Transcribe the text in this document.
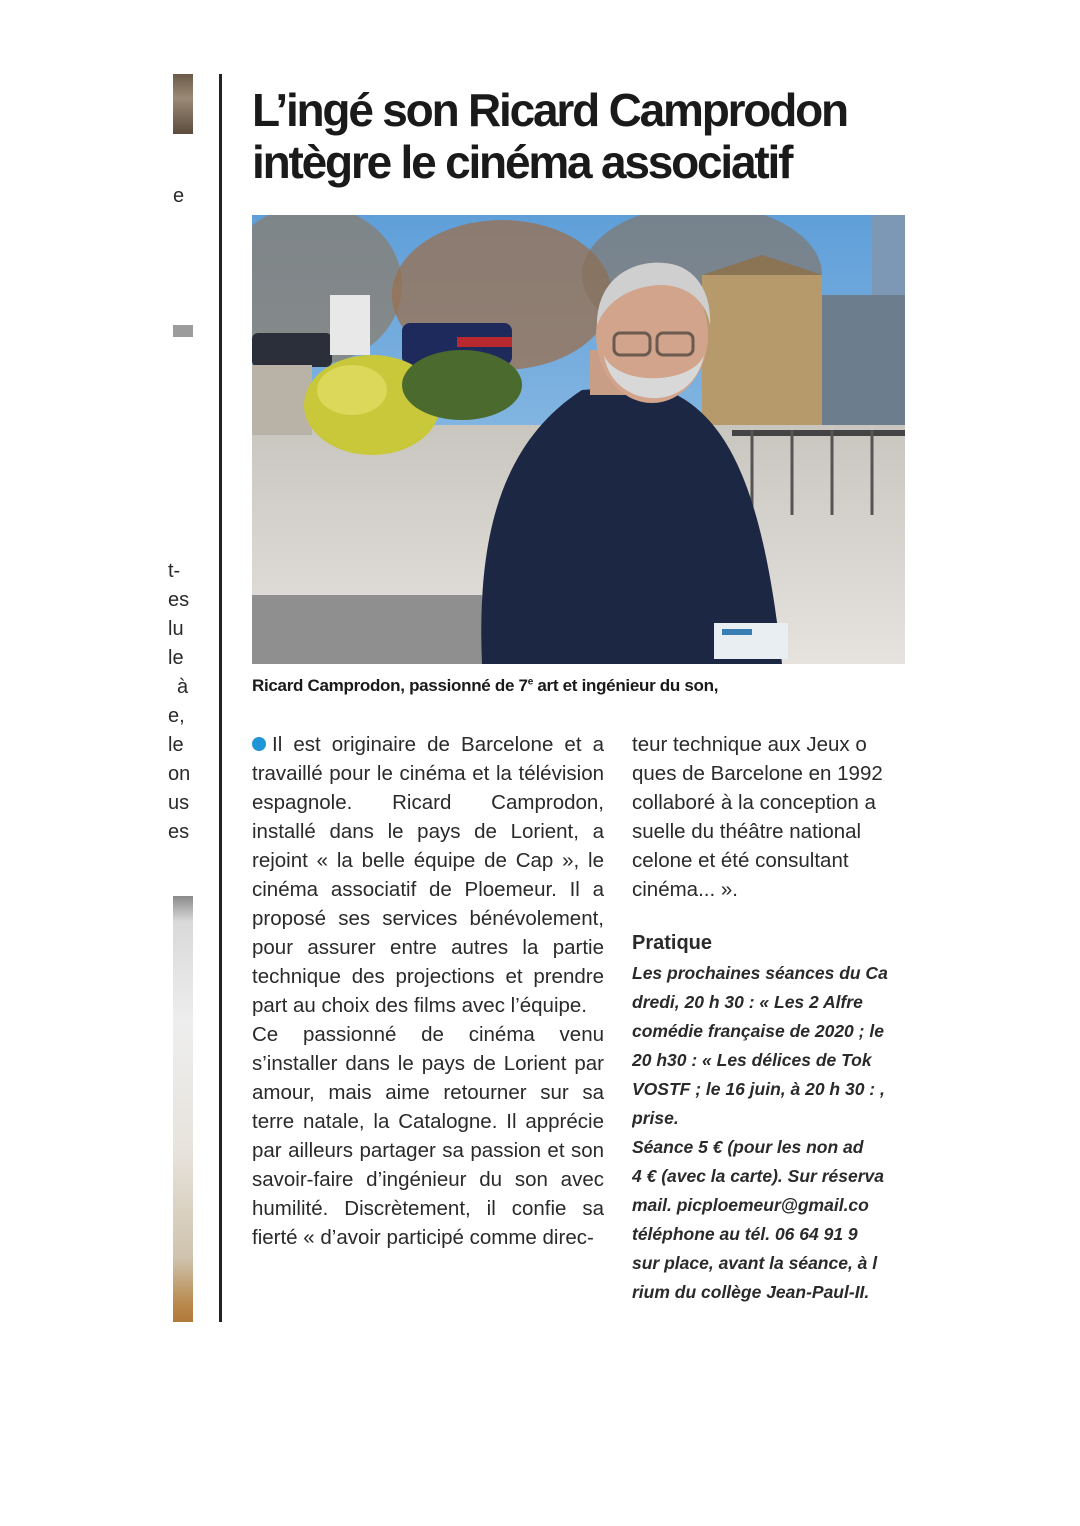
e
t-
es
lu
le
à
e,
le
on
us
es
L’ingé son Ricard Camprodon
intègre le cinéma associatif
Ricard Camprodon, passionné de 7e art et ingénieur du son,

Il est originaire de Barcelone et a travaillé pour le cinéma et la télévision espagnole. Ricard Camprodon, installé dans le pays de Lorient, a rejoint « la belle équipe de Cap », le cinéma associatif de Ploemeur. Il a proposé ses services bénévolement, pour assurer entre autres la partie technique des projections et prendre part au choix des films avec l’équipe.

Ce passionné de cinéma venu s’installer dans le pays de Lorient par amour, mais aime retourner sur sa terre natale, la Catalogne. Il apprécie par ailleurs partager sa passion et son savoir-faire d’ingénieur du son avec humilité. Discrètement, il confie sa fierté « d’avoir participé comme direc-

teur technique aux Jeux o
ques de Barcelone en 1992
collaboré à la conception a
suelle du théâtre national
celone et été consultant
cinéma... ».
Pratique
Les prochaines séances du Ca
dredi, 20 h 30 : « Les 2 Alfre
comédie française de 2020 ; le
20 h30 : « Les délices de Tok
VOSTF ; le 16 juin, à 20 h 30 : ,
prise.
Séance 5 € (pour les non ad
4 € (avec la carte). Sur réserva
mail. picploemeur@gmail.co
téléphone au tél. 06 64 91 9
sur place, avant la séance, à l
rium du collège Jean-Paul-II.
